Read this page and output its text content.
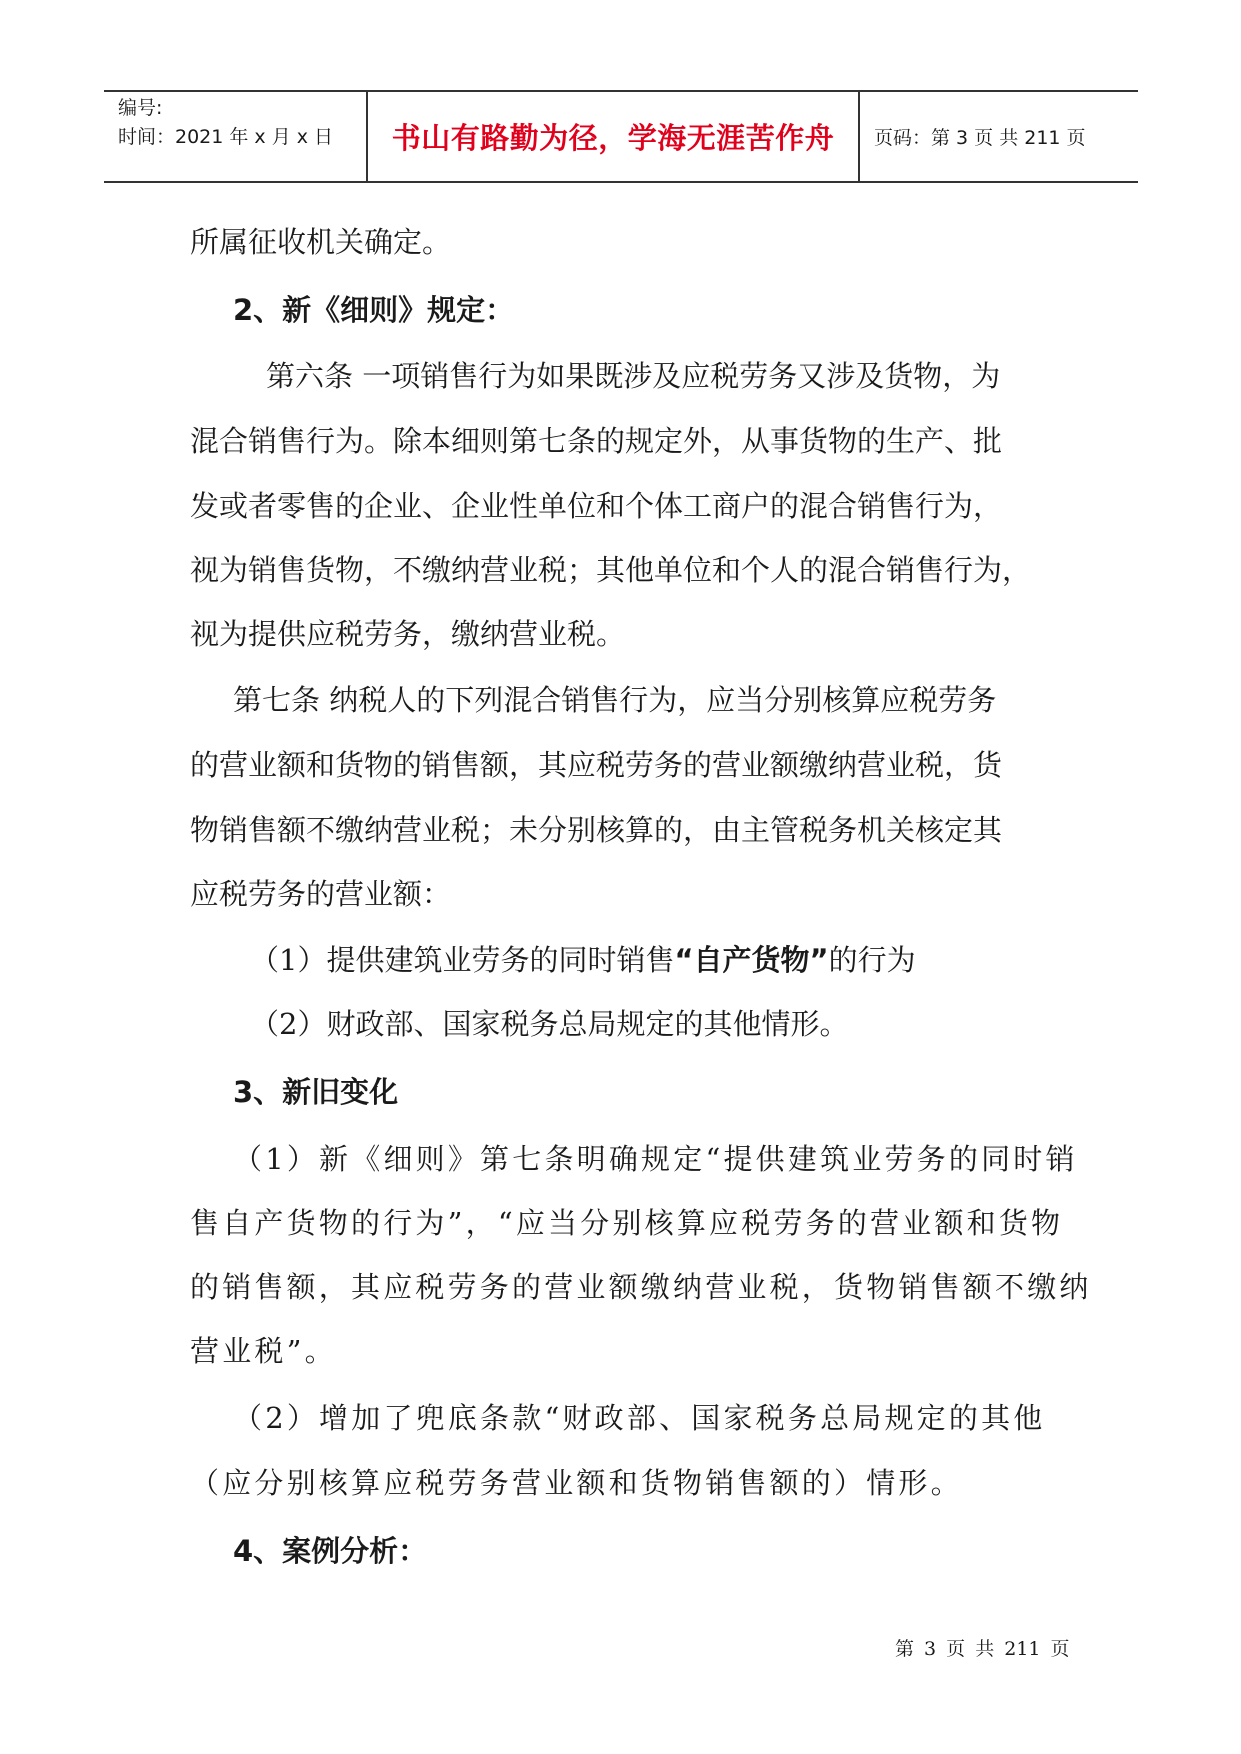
编号:
时间：2021 年 x 月 x 日	书山有路勤为径，学海无涯苦作舟	页码：第 3 页 共 211 页
所属征收机关确定。
2、新《细则》规定：
第六条 一项销售行为如果既涉及应税劳务又涉及货物，为
混合销售行为。除本细则第七条的规定外，从事货物的生产、批
发或者零售的企业、企业性单位和个体工商户的混合销售行为，
视为销售货物，不缴纳营业税；其他单位和个人的混合销售行为，
视为提供应税劳务，缴纳营业税。
第七条 纳税人的下列混合销售行为，应当分别核算应税劳务
的营业额和货物的销售额，其应税劳务的营业额缴纳营业税，货
物销售额不缴纳营业税；未分别核算的，由主管税务机关核定其
应税劳务的营业额：
（1）提供建筑业劳务的同时销售“自产货物”的行为
（2）财政部、国家税务总局规定的其他情形。
3、新旧变化
（1）新《细则》第七条明确规定“提供建筑业劳务的同时销
售自产货物的行为”，“应当分别核算应税劳务的营业额和货物
的销售额，其应税劳务的营业额缴纳营业税，货物销售额不缴纳
营业税”。
（2）增加了兜底条款“财政部、国家税务总局规定的其他
（应分别核算应税劳务营业额和货物销售额的）情形。
4、案例分析：
第 3 页 共 211 页
